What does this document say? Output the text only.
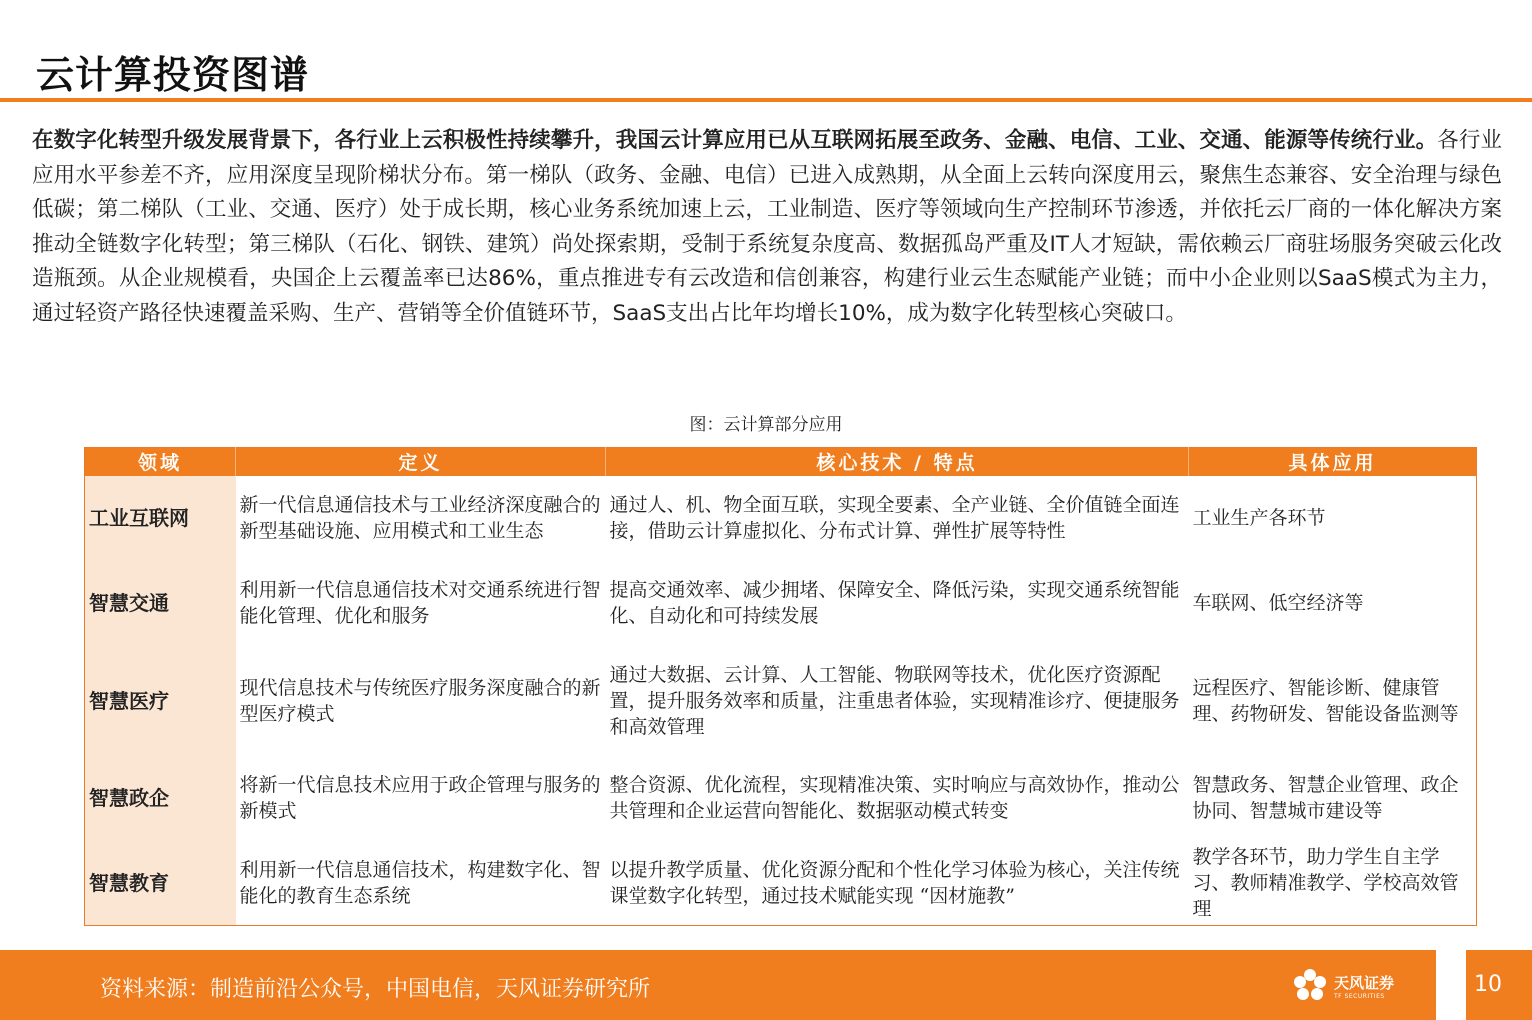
云计算投资图谱
在数字化转型升级发展背景下，各行业上云积极性持续攀升，我国云计算应用已从互联网拓展至政务、金融、电信、工业、交通、能源等传统行业。各行业应用水平参差不齐，应用深度呈现阶梯状分布。第一梯队（政务、金融、电信）已进入成熟期，从全面上云转向深度用云，聚焦生态兼容、安全治理与绿色低碳；第二梯队（工业、交通、医疗）处于成长期，核心业务系统加速上云，工业制造、医疗等领域向生产控制环节渗透，并依托云厂商的一体化解决方案推动全链数字化转型；第三梯队（石化、钢铁、建筑）尚处探索期，受制于系统复杂度高、数据孤岛严重及IT人才短缺，需依赖云厂商驻场服务突破云化改造瓶颈。从企业规模看，央国企上云覆盖率已达86%，重点推进专有云改造和信创兼容，构建行业云生态赋能产业链；而中小企业则以SaaS模式为主力，通过轻资产路径快速覆盖采购、生产、营销等全价值链环节，SaaS支出占比年均增长10%，成为数字化转型核心突破口。
图：云计算部分应用
领域	定义	核心技术 / 特点	具体应用
工业互联网	新一代信息通信技术与工业经济深度融合的新型基础设施、应用模式和工业生态	通过人、机、物全面互联，实现全要素、全产业链、全价值链全面连接，借助云计算虚拟化、分布式计算、弹性扩展等特性	工业生产各环节
智慧交通	利用新一代信息通信技术对交通系统进行智能化管理、优化和服务	提高交通效率、减少拥堵、保障安全、降低污染，实现交通系统智能化、自动化和可持续发展	车联网、低空经济等
智慧医疗	现代信息技术与传统医疗服务深度融合的新型医疗模式	通过大数据、云计算、人工智能、物联网等技术，优化医疗资源配置，提升服务效率和质量，注重患者体验，实现精准诊疗、便捷服务和高效管理	远程医疗、智能诊断、健康管理、药物研发、智能设备监测等
智慧政企	将新一代信息技术应用于政企管理与服务的新模式	整合资源、优化流程，实现精准决策、实时响应与高效协作，推动公共管理和企业运营向智能化、数据驱动模式转变	智慧政务、智慧企业管理、政企协同、智慧城市建设等
智慧教育	利用新一代信息通信技术，构建数字化、智能化的教育生态系统	以提升教学质量、优化资源分配和个性化学习体验为核心，关注传统课堂数字化转型，通过技术赋能实现 “因材施教”	教学各环节，助力学生自主学习、教师精准教学、学校高效管理
资料来源：制造前沿公众号，中国电信，天风证券研究所	天风证券
TF SECURITIES	10
